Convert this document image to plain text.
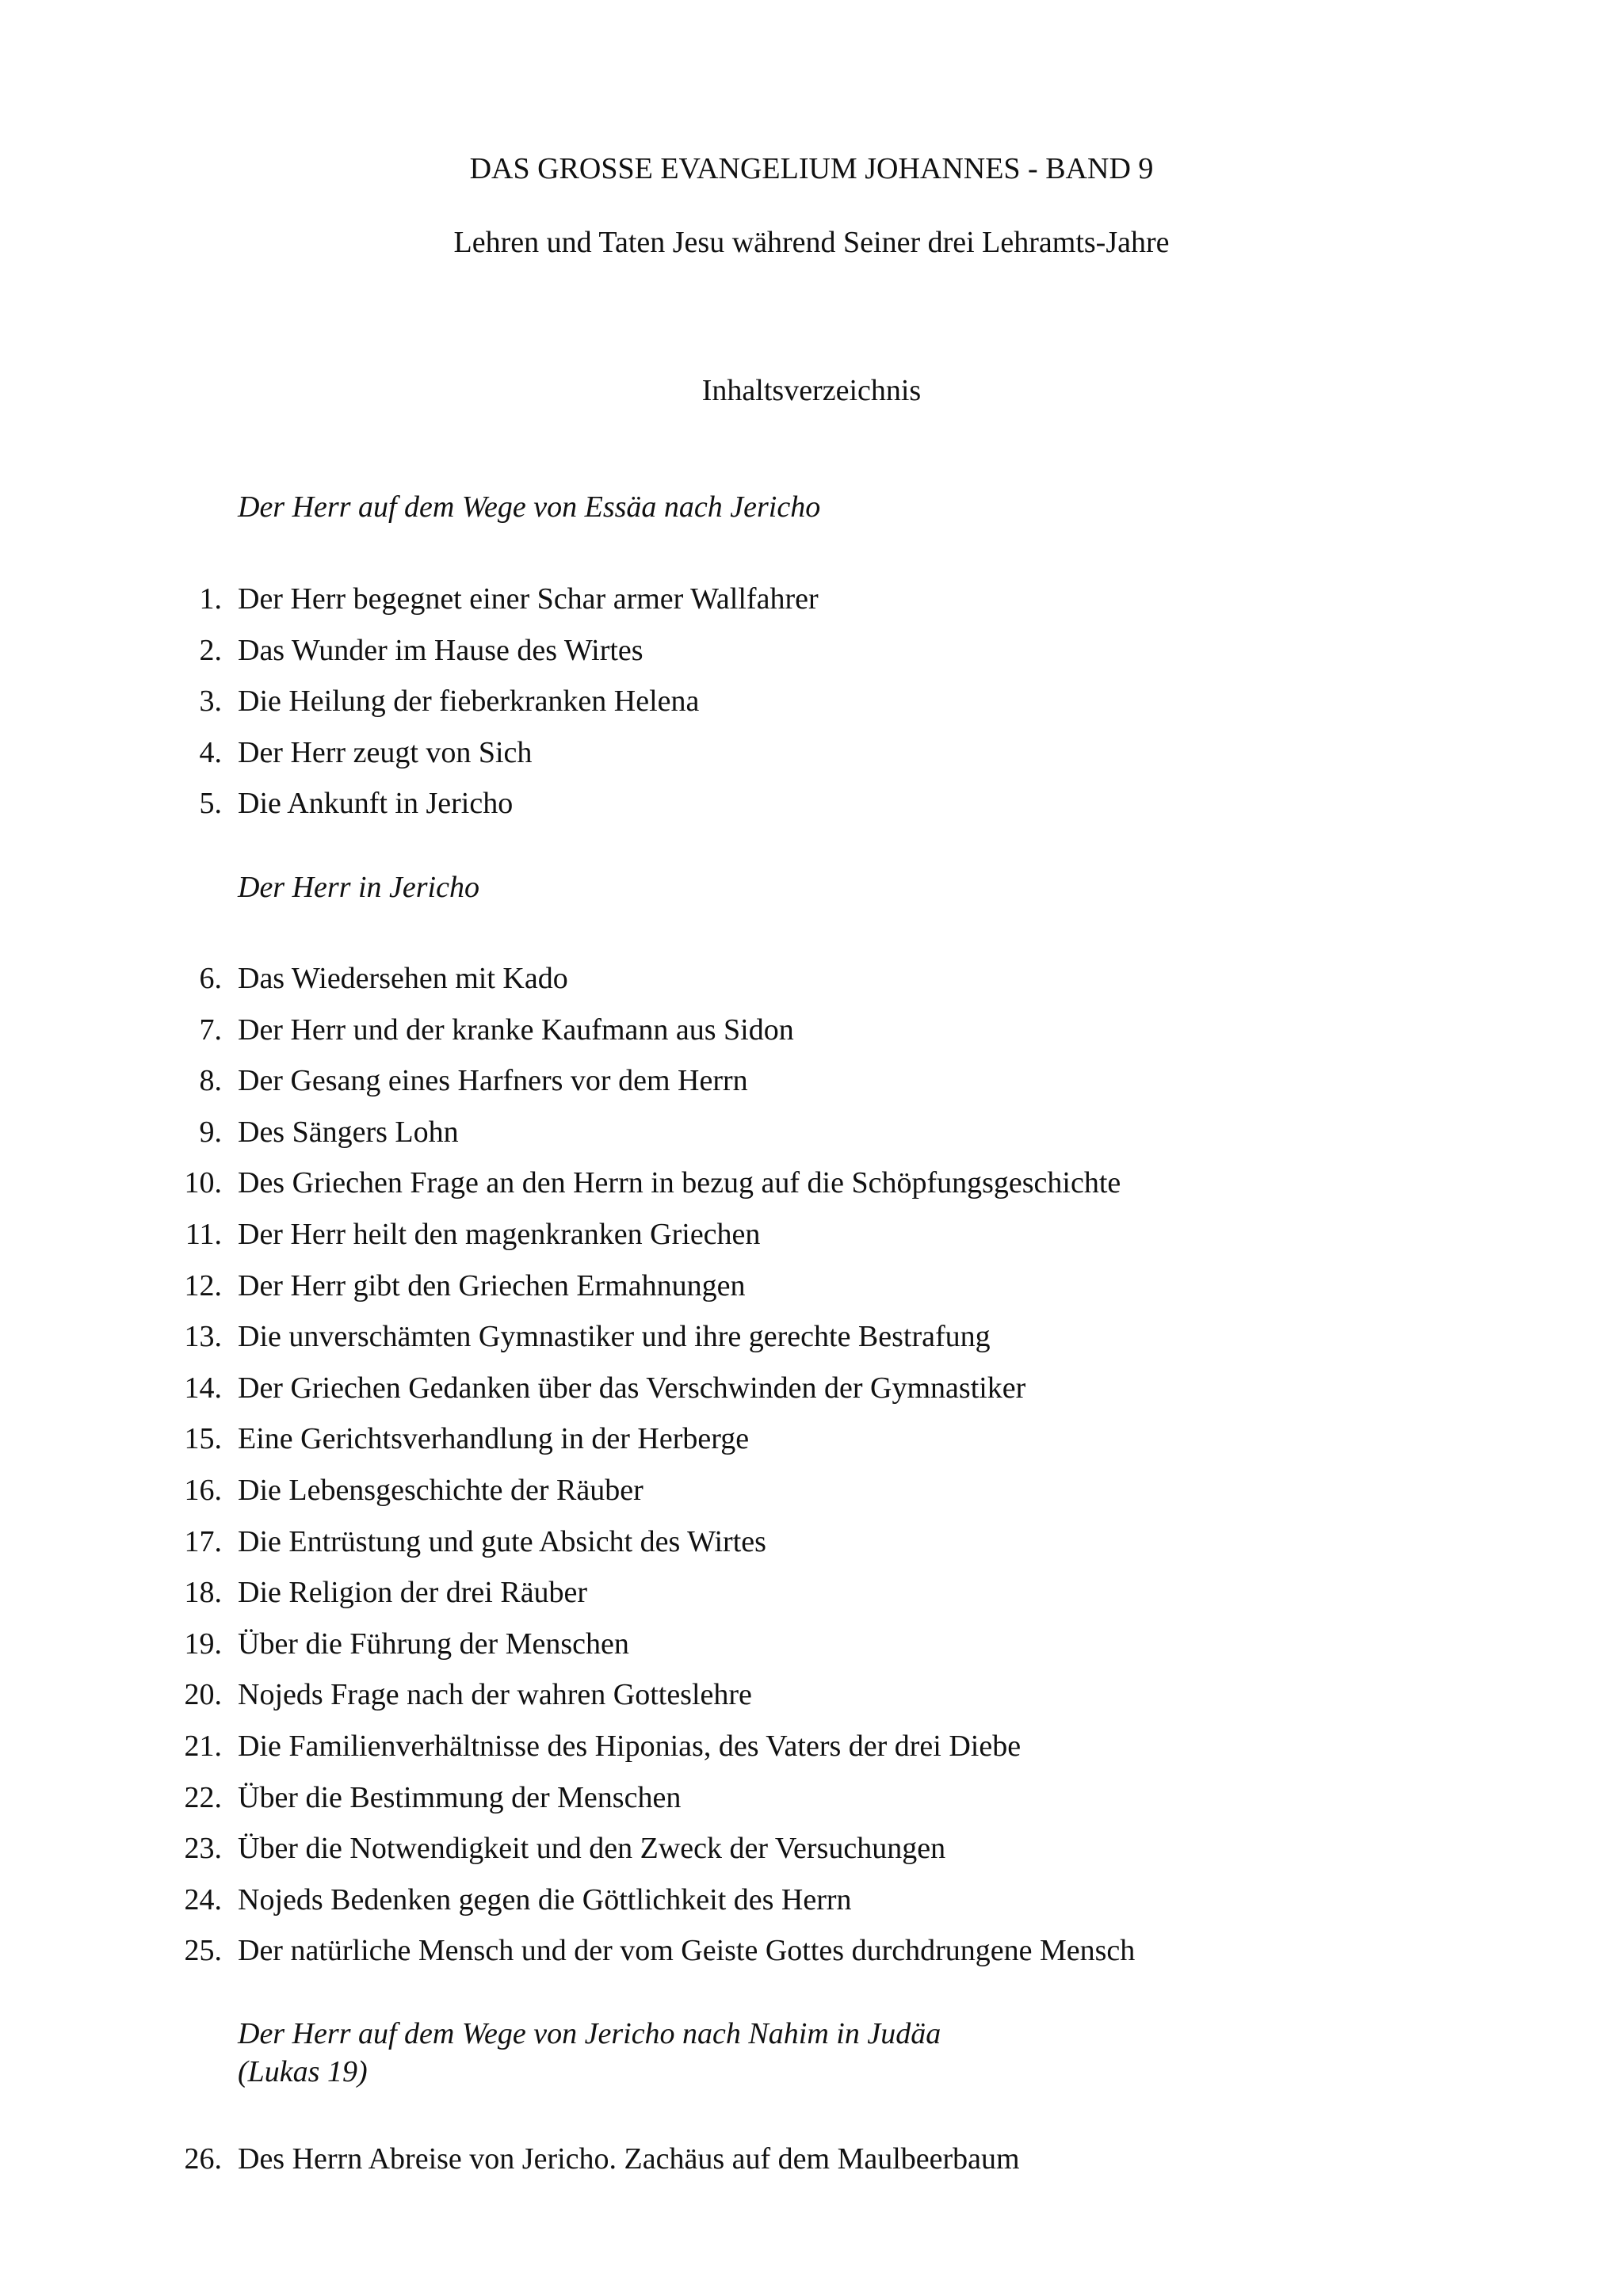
DAS GROSSE EVANGELIUM JOHANNES - BAND 9
Lehren und Taten Jesu während Seiner drei Lehramts-Jahre
Inhaltsverzeichnis
Der Herr auf dem Wege von Essäa nach Jericho
1. Der Herr begegnet einer Schar armer Wallfahrer
2. Das Wunder im Hause des Wirtes
3. Die Heilung der fieberkranken Helena
4. Der Herr zeugt von Sich
5. Die Ankunft in Jericho
Der Herr in Jericho
6. Das Wiedersehen mit Kado
7. Der Herr und der kranke Kaufmann aus Sidon
8. Der Gesang eines Harfners vor dem Herrn
9. Des Sängers Lohn
10. Des Griechen Frage an den Herrn in bezug auf die Schöpfungsgeschichte
11. Der Herr heilt den magenkranken Griechen
12. Der Herr gibt den Griechen Ermahnungen
13. Die unverschämten Gymnastiker und ihre gerechte Bestrafung
14. Der Griechen Gedanken über das Verschwinden der Gymnastiker
15. Eine Gerichtsverhandlung in der Herberge
16. Die Lebensgeschichte der Räuber
17. Die Entrüstung und gute Absicht des Wirtes
18. Die Religion der drei Räuber
19. Über die Führung der Menschen
20. Nojeds Frage nach der wahren Gotteslehre
21. Die Familienverhältnisse des Hiponias, des Vaters der drei Diebe
22. Über die Bestimmung der Menschen
23. Über die Notwendigkeit und den Zweck der Versuchungen
24. Nojeds Bedenken gegen die Göttlichkeit des Herrn
25. Der natürliche Mensch und der vom Geiste Gottes durchdrungene Mensch
Der Herr auf dem Wege von Jericho nach Nahim in Judäa
(Lukas 19)
26. Des Herrn Abreise von Jericho. Zachäus auf dem Maulbeerbaum
